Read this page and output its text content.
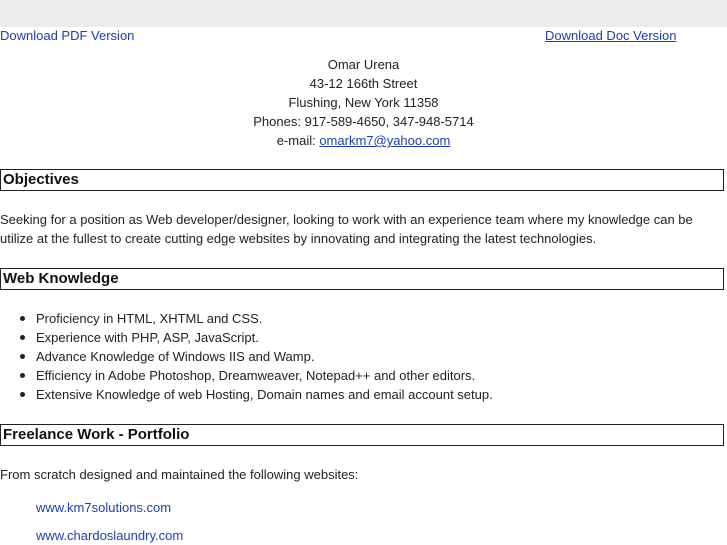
Download PDF Version	Download Doc Version
Omar Urena
43-12 166th Street
Flushing, New York 11358
Phones: 917-589-4650, 347-948-5714
e-mail: omarkm7@yahoo.com
Objectives
Seeking for a position as Web developer/designer, looking to work with an experience team where my knowledge can be utilize at the fullest to create cutting edge websites by innovating and integrating the latest technologies.
Web Knowledge
Proficiency in HTML, XHTML and CSS.
Experience with PHP, ASP, JavaScript.
Advance Knowledge of Windows IIS and Wamp.
Efficiency in Adobe Photoshop, Dreamweaver, Notepad++ and other editors.
Extensive Knowledge of web Hosting, Domain names and email account setup.
Freelance Work - Portfolio
From scratch designed and maintained the following websites:
www.km7solutions.com
www.chardoslaundry.com
